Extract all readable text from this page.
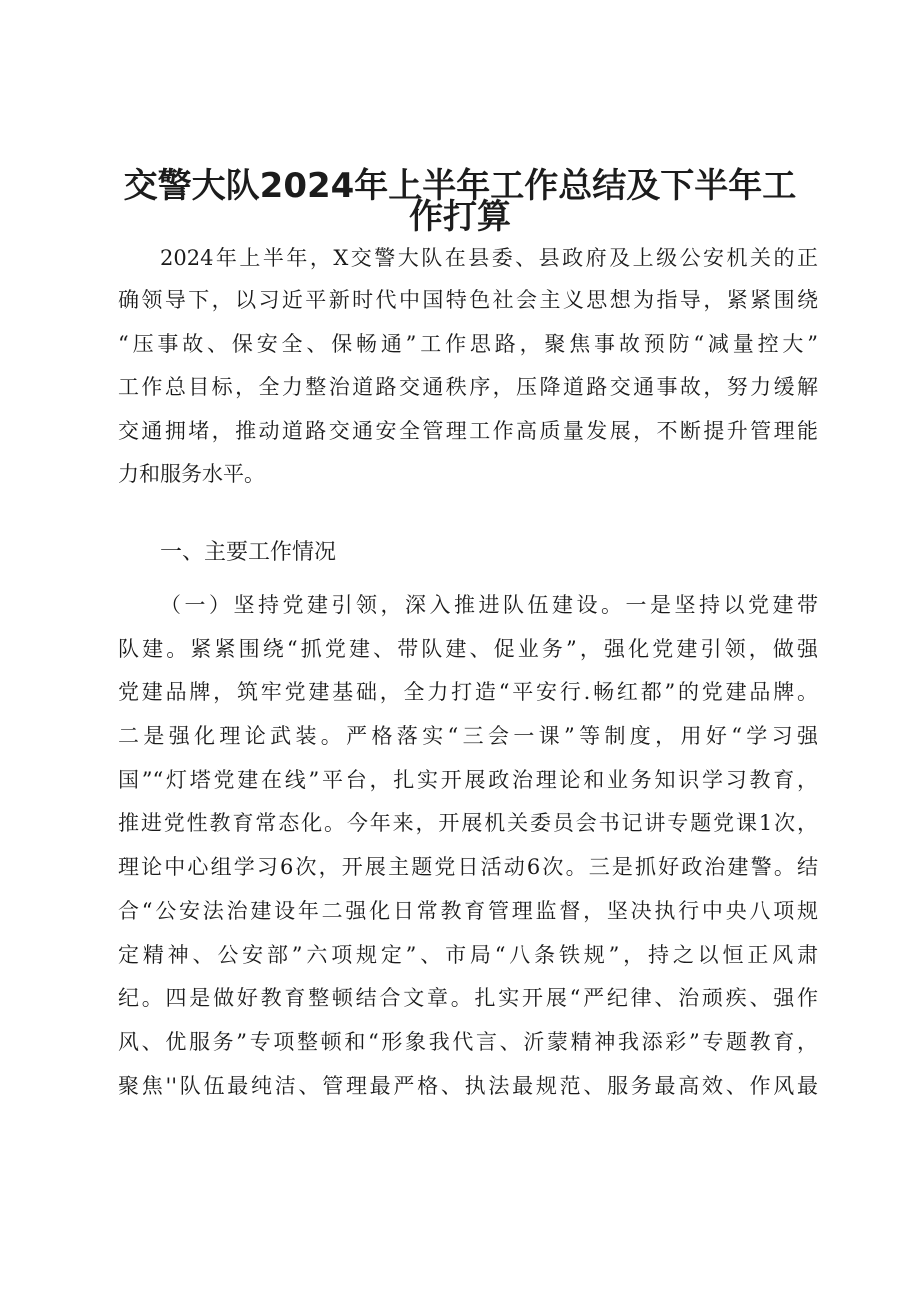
交警大队2024年上半年工作总结及下半年工
作打算
2024年上半年，X交警大队在县委、县政府及上级公安机关的正
确领导下，以习近平新时代中国特色社会主义思想为指导，紧紧围绕
“压事故、保安全、保畅通”工作思路，聚焦事故预防“减量控大”
工作总目标，全力整治道路交通秩序，压降道路交通事故，努力缓解
交通拥堵，推动道路交通安全管理工作高质量发展，不断提升管理能
力和服务水平。
一、主要工作情况
（一）坚持党建引领，深入推进队伍建设。一是坚持以党建带
队建。紧紧围绕“抓党建、带队建、促业务”，强化党建引领，做强
党建品牌，筑牢党建基础，全力打造“平安行.畅红都”的党建品牌。
二是强化理论武装。严格落实“三会一课”等制度，用好“学习强
国”“灯塔党建在线”平台，扎实开展政治理论和业务知识学习教育，
推进党性教育常态化。今年来，开展机关委员会书记讲专题党课1次，
理论中心组学习6次，开展主题党日活动6次。三是抓好政治建警。结
合“公安法治建设年二强化日常教育管理监督，坚决执行中央八项规
定精神、公安部”六项规定”、市局“八条铁规”，持之以恒正风肃
纪。四是做好教育整顿结合文章。扎实开展“严纪律、治顽疾、强作
风、优服务”专项整顿和“形象我代言、沂蒙精神我添彩”专题教育，
聚焦''队伍最纯洁、管理最严格、执法最规范、服务最高效、作风最
